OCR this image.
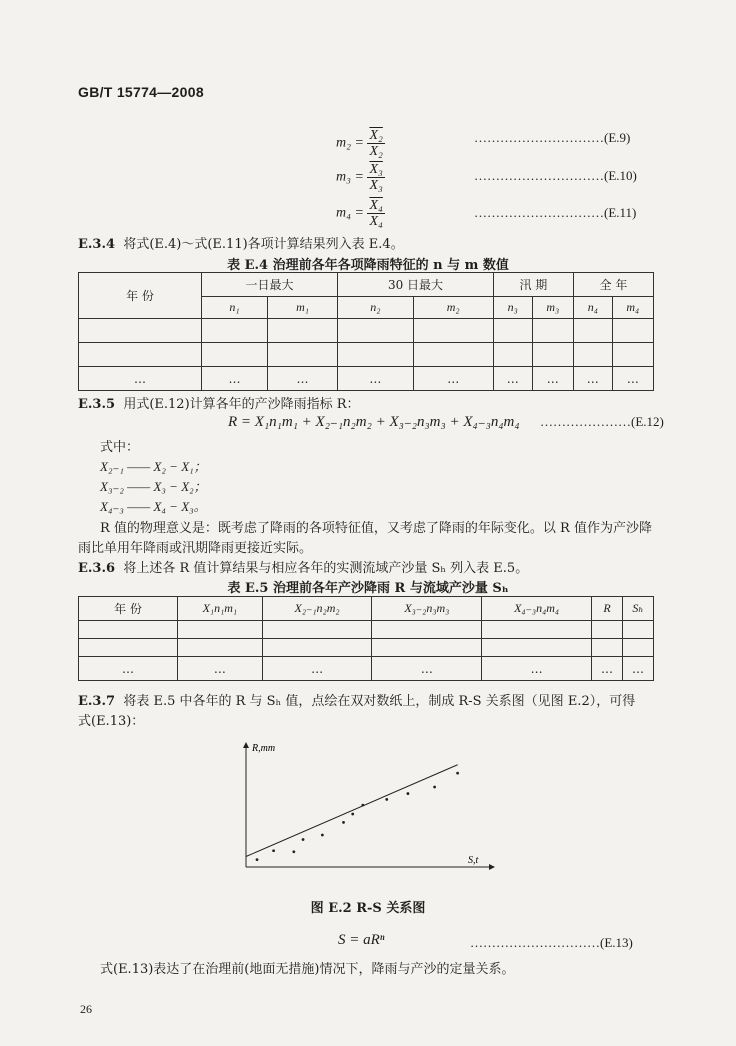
GB/T 15774—2008
$m_2 = \frac{\text{X₂}}{\text{X₂}}$	…………………………(E.9)
$m_3 = \frac{\text{X₃}}{\text{X₃}}$	…………………………(E.10)
$m_4 = \frac{\text{X₄}}{\text{X₄}}$	…………………………(E.11)
E.3.4 将式(E.4)～式(E.11)各项计算结果列入表 E.4。
表 E.4 治理前各年各项降雨特征的 n 与 m 数值
年 份	一日最大		30 日最大		汛 期		全 年	
	n₁	m₁	n₂	m₂	n₃	m₃	n₄	m₄

…	…	…	…	…	…	…	…	…
E.3.5 用式(E.12)计算各年的产沙降雨指标 R：
R = X₁n₁m₁ + X₂₋₁n₂m₂ + X₃₋₂n₃m₃ + X₄₋₃n₄m₄ …………………(E.12)
式中：
X₂₋₁ —— X₂ − X₁；
X₃₋₂ —— X₃ − X₂；
X₄₋₃ —— X₄ − X₃。
R 值的物理意义是：既考虑了降雨的各项特征值，又考虑了降雨的年际变化。以 R 值作为产沙降
雨比单用年降雨或汛期降雨更接近实际。
E.3.6 将上述各 R 值计算结果与相应各年的实测流域产沙量 Sₕ 列入表 E.5。
表 E.5 治理前各年产沙降雨 R 与流域产沙量 Sₕ
年 份	X₁n₁m₁	X₂₋₁n₂m₂	X₃₋₂n₃m₃	X₄₋₃n₄m₄	R	Sₕ

…	…	…	…	…	…	…
E.3.7 将表 E.5 中各年的 R 与 Sₕ 值，点绘在双对数纸上，制成 R-S 关系图（见图 E.2），可得
式(E.13)：
R,mm
S,t
图 E.2 R-S 关系图
S = aRⁿ	…………………………(E.13)
式(E.13)表达了在治理前(地面无措施)情况下，降雨与产沙的定量关系。
26
